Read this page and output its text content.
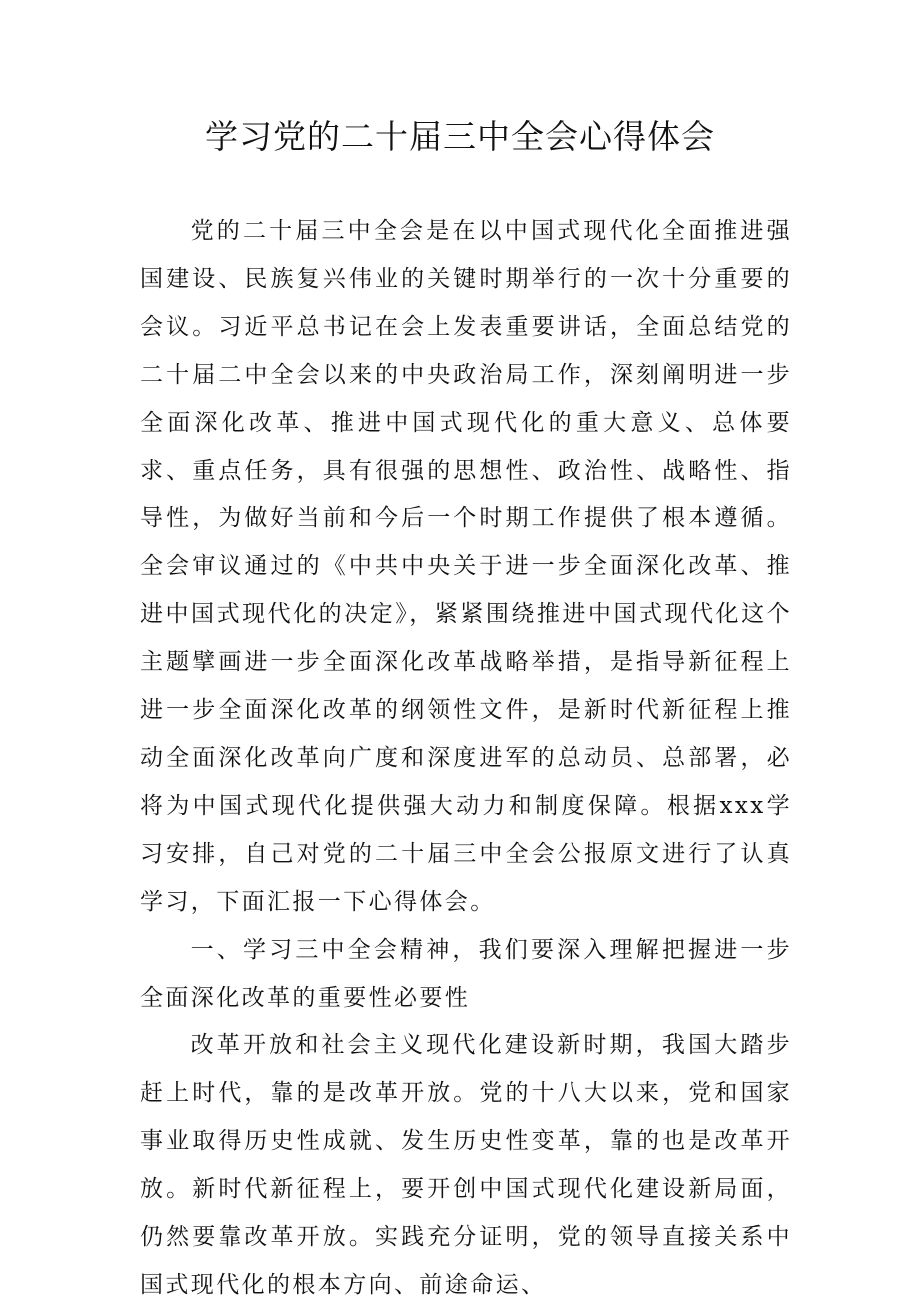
学习党的二十届三中全会心得体会

党的二十届三中全会是在以中国式现代化全面推进强国建设、民族复兴伟业的关键时期举行的一次十分重要的会议。习近平总书记在会上发表重要讲话，全面总结党的二十届二中全会以来的中央政治局工作，深刻阐明进一步全面深化改革、推进中国式现代化的重大意义、总体要求、重点任务，具有很强的思想性、政治性、战略性、指导性，为做好当前和今后一个时期工作提供了根本遵循。全会审议通过的《中共中央关于进一步全面深化改革、推进中国式现代化的决定》，紧紧围绕推进中国式现代化这个主题擘画进一步全面深化改革战略举措，是指导新征程上进一步全面深化改革的纲领性文件，是新时代新征程上推动全面深化改革向广度和深度进军的总动员、总部署，必将为中国式现代化提供强大动力和制度保障。根据xxx学习安排，自己对党的二十届三中全会公报原文进行了认真学习，下面汇报一下心得体会。

一、学习三中全会精神，我们要深入理解把握进一步全面深化改革的重要性必要性

改革开放和社会主义现代化建设新时期，我国大踏步赶上时代，靠的是改革开放。党的十八大以来，党和国家事业取得历史性成就、发生历史性变革，靠的也是改革开放。新时代新征程上，要开创中国式现代化建设新局面，仍然要靠改革开放。实践充分证明，党的领导直接关系中国式现代化的根本方向、前途命运、
